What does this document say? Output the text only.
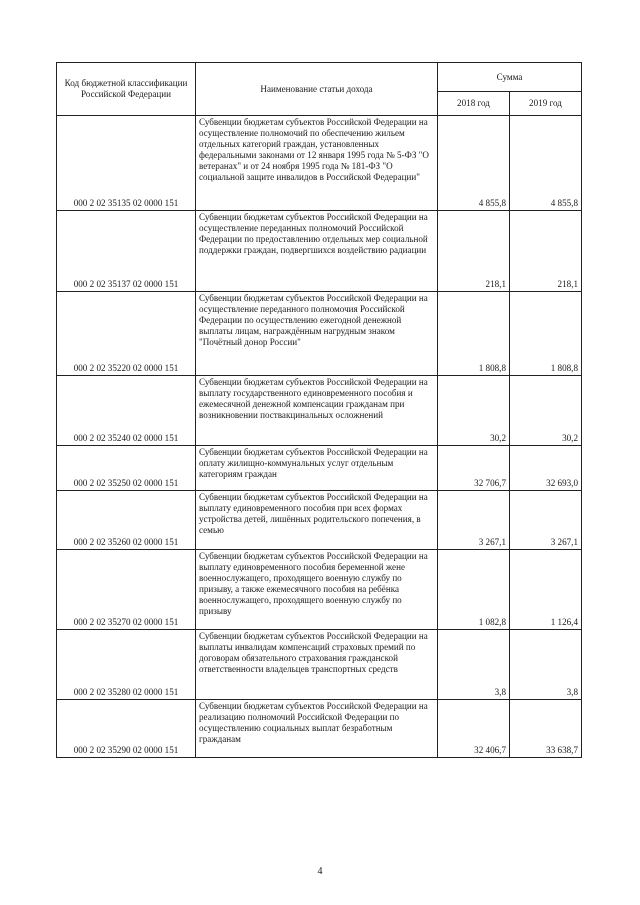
Код бюджетной классификации Российской Федерации	Наименование статьи дохода	Сумма	
		2018 год	2019 год
000 2 02 35135 02 0000 151	Субвенции бюджетам субъектов Российской Федерации на осуществление полномочий по обеспечению жильем отдельных категорий граждан, установленных федеральными законами от 12 января 1995 года № 5-ФЗ "О ветеранах" и от 24 ноября 1995 года № 181-ФЗ "О социальной защите инвалидов в Российской Федерации"	4 855,8	4 855,8
000 2 02 35137 02 0000 151	Субвенции бюджетам субъектов Российской Федерации на осуществление переданных полномочий Российской Федерации по предоставлению отдельных мер социальной поддержки граждан, подвергшихся воздействию радиации	218,1	218,1
000 2 02 35220 02 0000 151	Субвенции бюджетам субъектов Российской Федерации на осуществление переданного полномочия Российской Федерации по осуществлению ежегодной денежной выплаты лицам, награждённым нагрудным знаком "Почётный донор России"	1 808,8	1 808,8
000 2 02 35240 02 0000 151	Субвенции бюджетам субъектов Российской Федерации на выплату государственного единовременного пособия и ежемесячной денежной компенсации гражданам при возникновении поствакцинальных осложнений	30,2	30,2
000 2 02 35250 02 0000 151	Субвенции бюджетам субъектов Российской Федерации на оплату жилищно-коммунальных услуг отдельным категориям граждан	32 706,7	32 693,0
000 2 02 35260 02 0000 151	Субвенции бюджетам субъектов Российской Федерации на выплату единовременного пособия при всех формах устройства детей, лишённых родительского попечения, в семью	3 267,1	3 267,1
000 2 02 35270 02 0000 151	Субвенции бюджетам субъектов Российской Федерации на выплату единовременного пособия беременной жене военнослужащего, проходящего военную службу по призыву, а также ежемесячного пособия на ребёнка военнослужащего, проходящего военную службу по призыву	1 082,8	1 126,4
000 2 02 35280 02 0000 151	Субвенции бюджетам субъектов Российской Федерации на выплаты инвалидам компенсаций страховых премий по договорам обязательного страхования гражданской ответственности владельцев транспортных средств	3,8	3,8
000 2 02 35290 02 0000 151	Субвенции бюджетам субъектов Российской Федерации на реализацию полномочий Российской Федерации по осуществлению социальных выплат безработным гражданам	32 406,7	33 638,7
4
